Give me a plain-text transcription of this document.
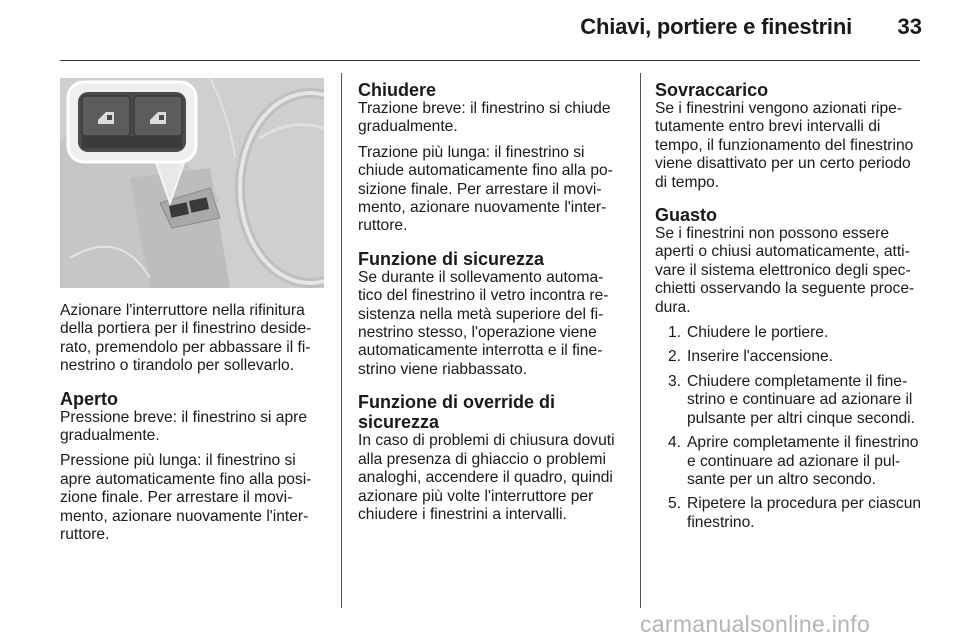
Chiavi, portiere e finestrini	33

Azionare l'interruttore nella rifinitura della portiera per il finestrino deside-rato, premendolo per abbassare il fi-nestrino o tirandolo per sollevarlo.

Aperto

Pressione breve: il finestrino si apre gradualmente.

Pressione più lunga: il finestrino si apre automaticamente fino alla posi-zione finale. Per arrestare il movi-mento, azionare nuovamente l'inter-ruttore.

Chiudere

Trazione breve: il finestrino si chiude gradualmente.

Trazione più lunga: il finestrino si chiude automaticamente fino alla po-sizione finale. Per arrestare il movi-mento, azionare nuovamente l'inter-ruttore.

Funzione di sicurezza

Se durante il sollevamento automa-tico del finestrino il vetro incontra re-sistenza nella metà superiore del fi-nestrino stesso, l'operazione viene automaticamente interrotta e il fine-strino viene riabbassato.

Funzione di override di sicurezza

In caso di problemi di chiusura dovuti alla presenza di ghiaccio o problemi analoghi, accendere il quadro, quindi azionare più volte l'interruttore per chiudere i finestrini a intervalli.

Sovraccarico

Se i finestrini vengono azionati ripe-tutamente entro brevi intervalli di tempo, il funzionamento del finestrino viene disattivato per un certo periodo di tempo.

Guasto

Se i finestrini non possono essere aperti o chiusi automaticamente, atti-vare il sistema elettronico degli spec-chietti osservando la seguente proce-dura.

1. Chiudere le portiere.
2. Inserire l'accensione.
3. Chiudere completamente il fine-strino e continuare ad azionare il pulsante per altri cinque secondi.
4. Aprire completamente il finestrino e continuare ad azionare il pul-sante per un altro secondo.
5. Ripetere la procedura per ciascun finestrino.
carmanualsonline.info
